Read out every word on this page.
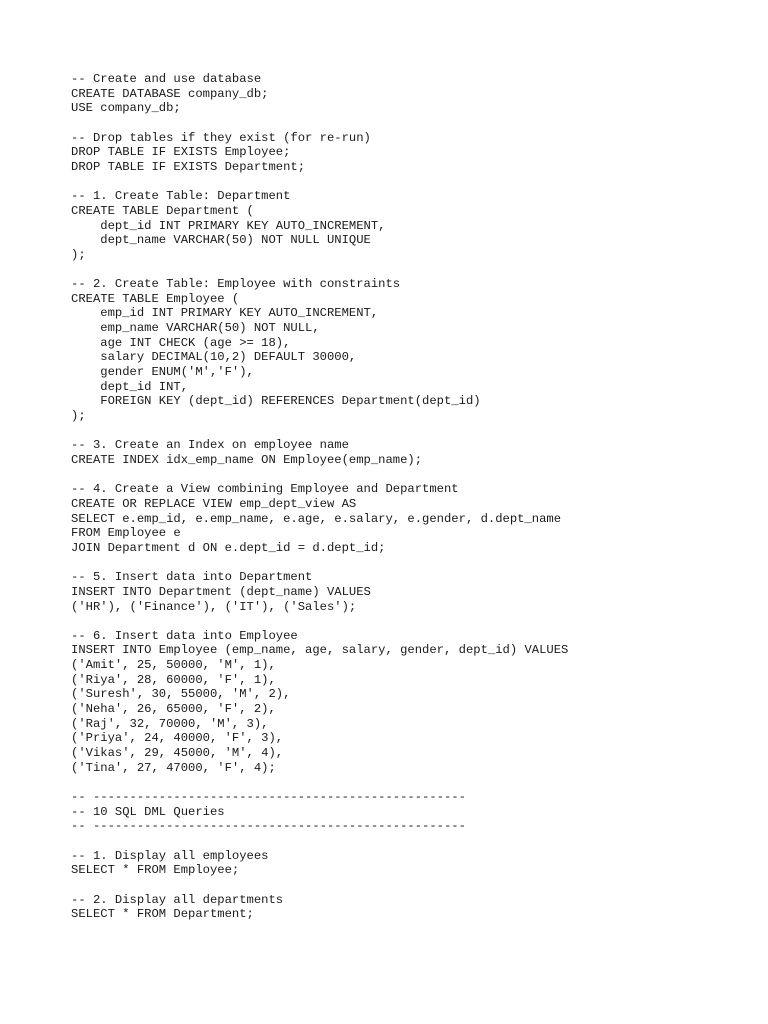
-- Create and use database
CREATE DATABASE company_db;
USE company_db;
-- Drop tables if they exist (for re-run)
DROP TABLE IF EXISTS Employee;
DROP TABLE IF EXISTS Department;
-- 1. Create Table: Department
CREATE TABLE Department (
dept_id INT PRIMARY KEY AUTO_INCREMENT,
dept_name VARCHAR(50) NOT NULL UNIQUE
);
-- 2. Create Table: Employee with constraints
CREATE TABLE Employee (
emp_id INT PRIMARY KEY AUTO_INCREMENT,
emp_name VARCHAR(50) NOT NULL,
age INT CHECK (age >= 18),
salary DECIMAL(10,2) DEFAULT 30000,
gender ENUM('M','F'),
dept_id INT,
FOREIGN KEY (dept_id) REFERENCES Department(dept_id)
);
-- 3. Create an Index on employee name
CREATE INDEX idx_emp_name ON Employee(emp_name);
-- 4. Create a View combining Employee and Department
CREATE OR REPLACE VIEW emp_dept_view AS
SELECT e.emp_id, e.emp_name, e.age, e.salary, e.gender, d.dept_name
FROM Employee e
JOIN Department d ON e.dept_id = d.dept_id;
-- 5. Insert data into Department
INSERT INTO Department (dept_name) VALUES
('HR'), ('Finance'), ('IT'), ('Sales');
-- 6. Insert data into Employee
INSERT INTO Employee (emp_name, age, salary, gender, dept_id) VALUES
('Amit', 25, 50000, 'M', 1),
('Riya', 28, 60000, 'F', 1),
('Suresh', 30, 55000, 'M', 2),
('Neha', 26, 65000, 'F', 2),
('Raj', 32, 70000, 'M', 3),
('Priya', 24, 40000, 'F', 3),
('Vikas', 29, 45000, 'M', 4),
('Tina', 27, 47000, 'F', 4);
-- ---------------------------------------------------
-- 10 SQL DML Queries
-- ---------------------------------------------------
-- 1. Display all employees
SELECT * FROM Employee;
-- 2. Display all departments
SELECT * FROM Department;
